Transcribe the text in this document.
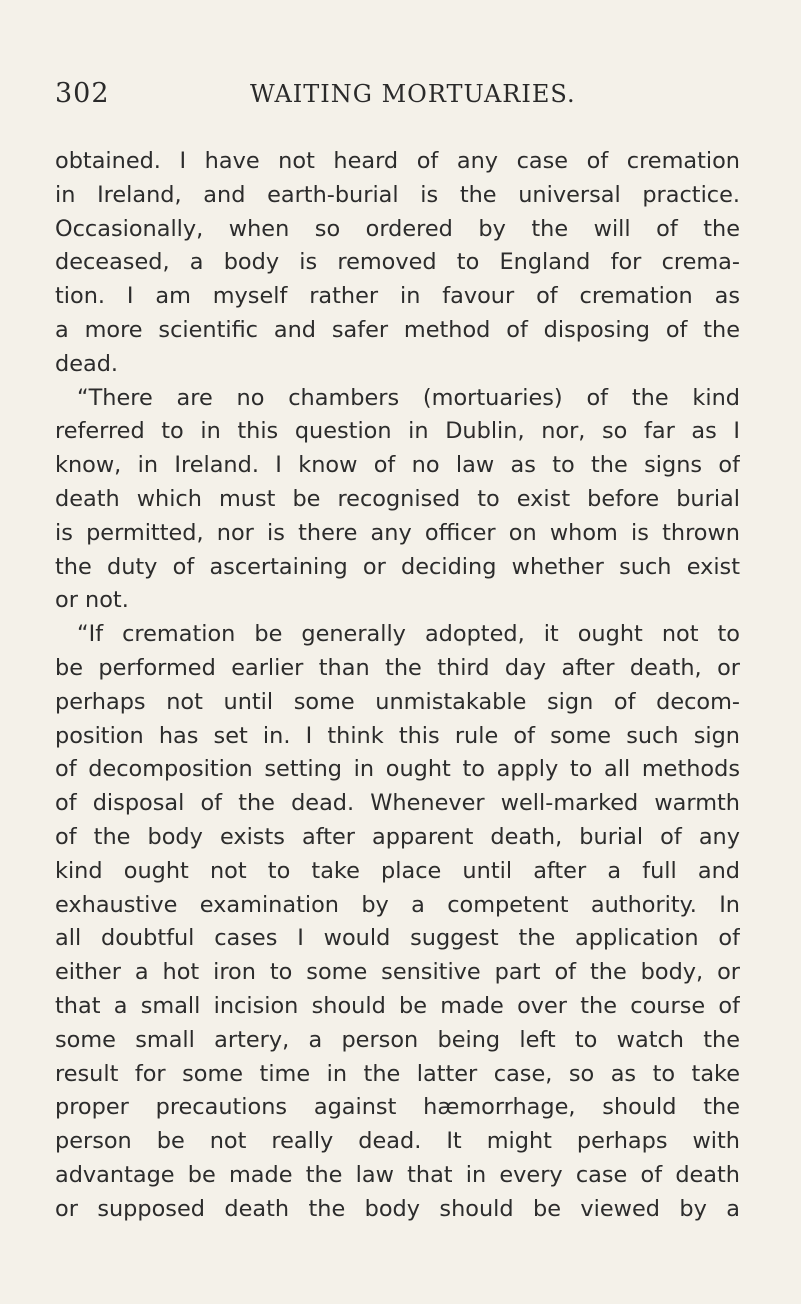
302	WAITING MORTUARIES.
obtained. I have not heard of any case of cremation
in Ireland, and earth-burial is the universal practice.
Occasionally, when so ordered by the will of the
deceased, a body is removed to England for crema-
tion. I am myself rather in favour of cremation as
a more scientific and safer method of disposing of the
dead.
“There are no chambers (mortuaries) of the kind
referred to in this question in Dublin, nor, so far as I
know, in Ireland. I know of no law as to the signs of
death which must be recognised to exist before burial
is permitted, nor is there any officer on whom is thrown
the duty of ascertaining or deciding whether such exist
or not.
“If cremation be generally adopted, it ought not to
be performed earlier than the third day after death, or
perhaps not until some unmistakable sign of decom-
position has set in. I think this rule of some such sign
of decomposition setting in ought to apply to all methods
of disposal of the dead. Whenever well-marked warmth
of the body exists after apparent death, burial of any
kind ought not to take place until after a full and
exhaustive examination by a competent authority. In
all doubtful cases I would suggest the application of
either a hot iron to some sensitive part of the body, or
that a small incision should be made over the course of
some small artery, a person being left to watch the
result for some time in the latter case, so as to take
proper precautions against hæmorrhage, should the
person be not really dead. It might perhaps with
advantage be made the law that in every case of death
or supposed death the body should be viewed by a
